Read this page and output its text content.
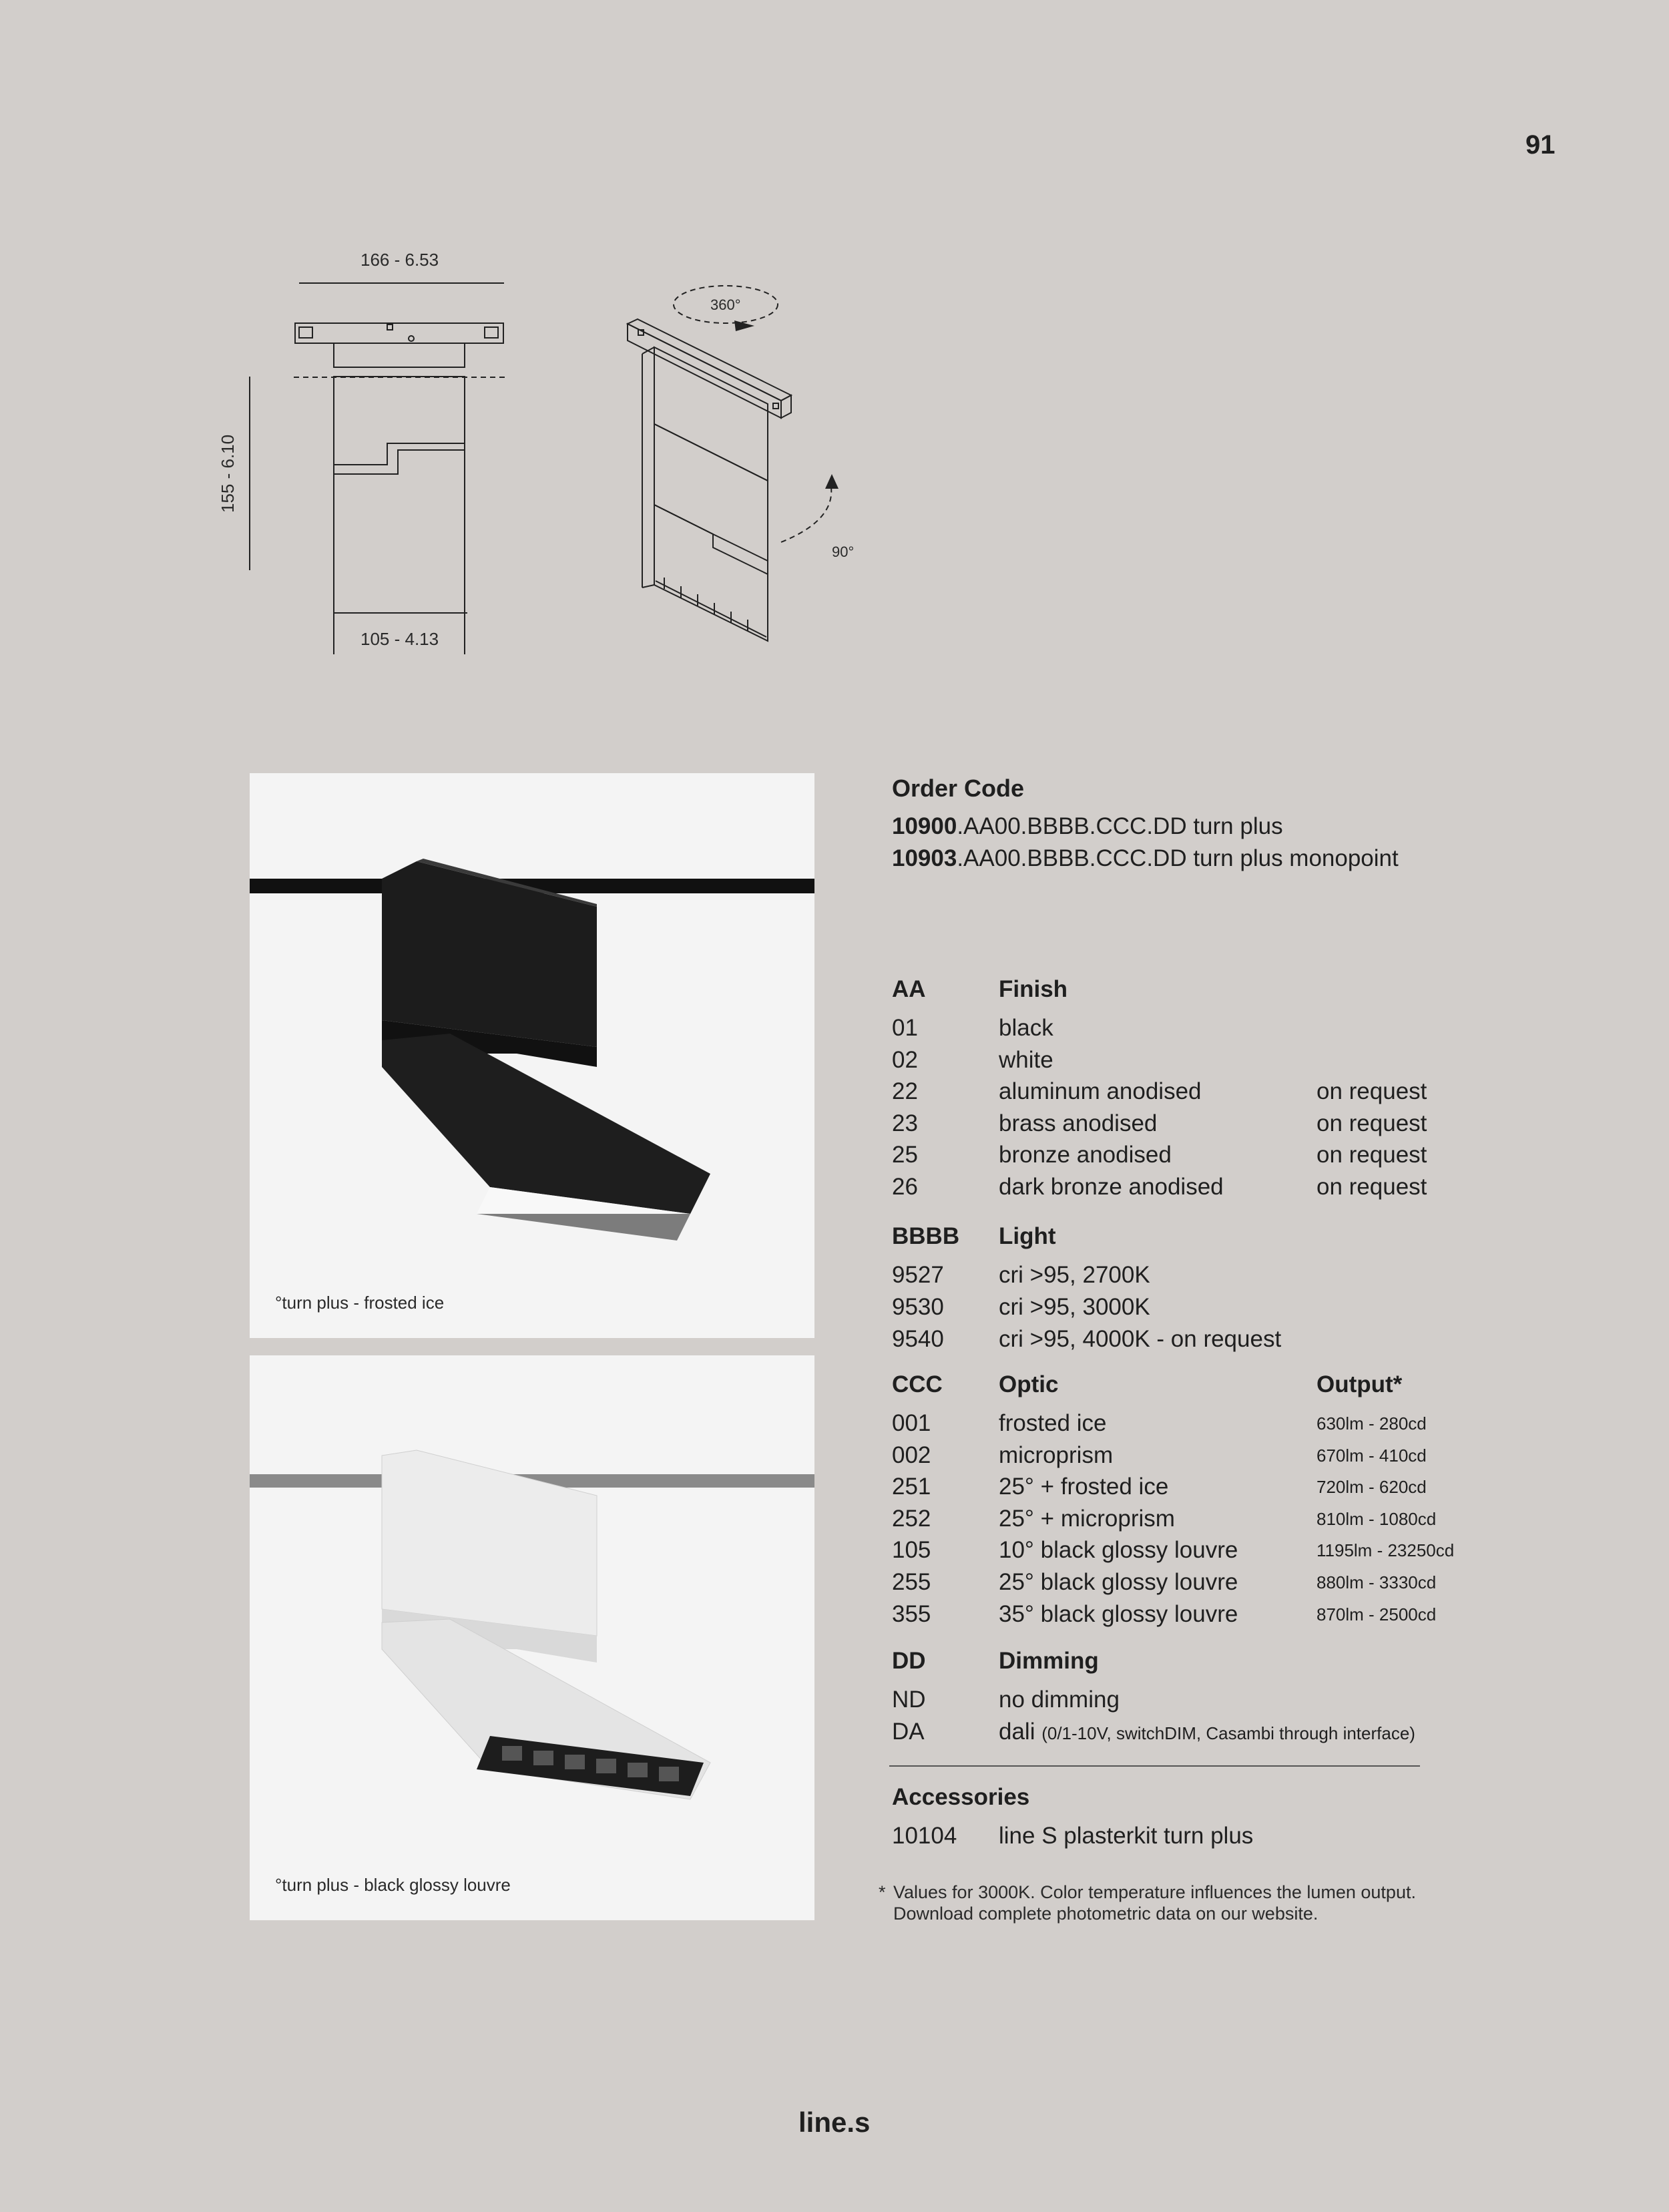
91
166 - 6.53
155 - 6.10
105 - 4.13
360°
90°
°turn plus - frosted ice
°turn plus - black glossy louvre
Order Code
10900.AA00.BBBB.CCC.DD turn plus
10903.AA00.BBBB.CCC.DD turn plus monopoint
AA	Finish
01	black
02	white
22	aluminum anodised	on request
23	brass anodised	on request
25	bronze anodised	on request
26	dark bronze anodised	on request
BBBB Light
9527 cri >95, 2700K
9530 cri >95, 3000K
9540 cri >95, 4000K - on request
CCC Optic	Output*
001	frosted ice	630lm - 280cd
002	microprism	670lm - 410cd
251	25° + frosted ice	720lm - 620cd
252	25° + microprism	810lm - 1080cd
105	10° black glossy louvre	1195lm - 23250cd
255	25° black glossy louvre	880lm - 3330cd
355	35° black glossy louvre	870lm - 2500cd
DD	Dimming
ND	no dimming
DA	dali (0/1-10V, switchDIM, Casambi through interface)
Accessories
10104 line S plasterkit turn plus
* Values for 3000K. Color temperature influences the lumen output.
Download complete photometric data on our website.
line.s
